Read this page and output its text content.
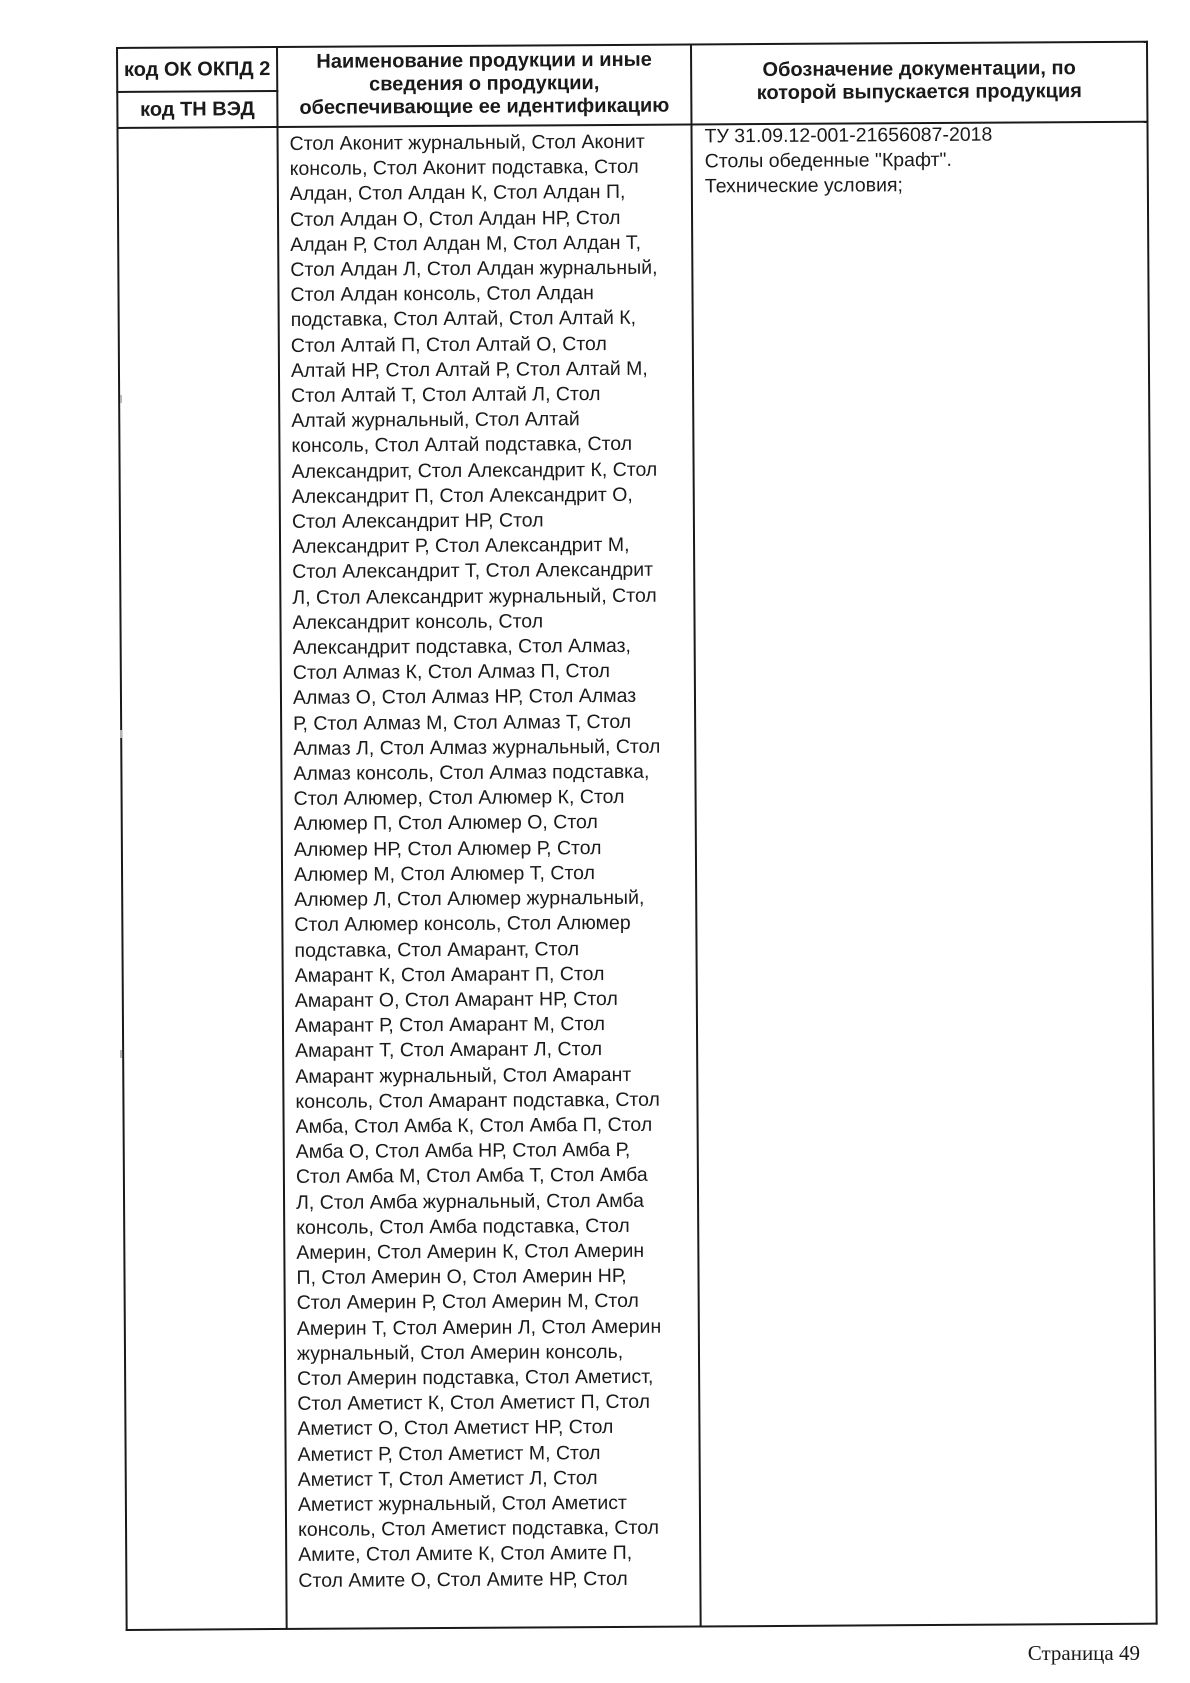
код ОК ОКПД 2
код ТН ВЭД
Наименование продукции и иные
сведения о продукции,
обеспечивающие ее идентификацию
Обозначение документации, по
которой выпускается продукция
Стол Аконит журнальный, Стол Аконит
консоль, Стол Аконит подставка, Стол
Алдан, Стол Алдан К, Стол Алдан П,
Стол Алдан О, Стол Алдан НР, Стол
Алдан Р, Стол Алдан М, Стол Алдан Т,
Стол Алдан Л, Стол Алдан журнальный,
Стол Алдан консоль, Стол Алдан
подставка, Стол Алтай, Стол Алтай К,
Стол Алтай П, Стол Алтай О, Стол
Алтай НР, Стол Алтай Р, Стол Алтай М,
Стол Алтай Т, Стол Алтай Л, Стол
Алтай журнальный, Стол Алтай
консоль, Стол Алтай подставка, Стол
Александрит, Стол Александрит К, Стол
Александрит П, Стол Александрит О,
Стол Александрит НР, Стол
Александрит Р, Стол Александрит М,
Стол Александрит Т, Стол Александрит
Л, Стол Александрит журнальный, Стол
Александрит консоль, Стол
Александрит подставка, Стол Алмаз,
Стол Алмаз К, Стол Алмаз П, Стол
Алмаз О, Стол Алмаз НР, Стол Алмаз
Р, Стол Алмаз М, Стол Алмаз Т, Стол
Алмаз Л, Стол Алмаз журнальный, Стол
Алмаз консоль, Стол Алмаз подставка,
Стол Алюмер, Стол Алюмер К, Стол
Алюмер П, Стол Алюмер О, Стол
Алюмер НР, Стол Алюмер Р, Стол
Алюмер М, Стол Алюмер Т, Стол
Алюмер Л, Стол Алюмер журнальный,
Стол Алюмер консоль, Стол Алюмер
подставка, Стол Амарант, Стол
Амарант К, Стол Амарант П, Стол
Амарант О, Стол Амарант НР, Стол
Амарант Р, Стол Амарант М, Стол
Амарант Т, Стол Амарант Л, Стол
Амарант журнальный, Стол Амарант
консоль, Стол Амарант подставка, Стол
Амба, Стол Амба К, Стол Амба П, Стол
Амба О, Стол Амба НР, Стол Амба Р,
Стол Амба М, Стол Амба Т, Стол Амба
Л, Стол Амба журнальный, Стол Амба
консоль, Стол Амба подставка, Стол
Америн, Стол Америн К, Стол Америн
П, Стол Америн О, Стол Америн НР,
Стол Америн Р, Стол Америн М, Стол
Америн Т, Стол Америн Л, Стол Америн
журнальный, Стол Америн консоль,
Стол Америн подставка, Стол Аметист,
Стол Аметист К, Стол Аметист П, Стол
Аметист О, Стол Аметист НР, Стол
Аметист Р, Стол Аметист М, Стол
Аметист Т, Стол Аметист Л, Стол
Аметист журнальный, Стол Аметист
консоль, Стол Аметист подставка, Стол
Амите, Стол Амите К, Стол Амите П,
Стол Амите О, Стол Амите НР, Стол
ТУ 31.09.12-001-21656087-2018
Столы обеденные "Крафт".
Технические условия;
Страница 49
